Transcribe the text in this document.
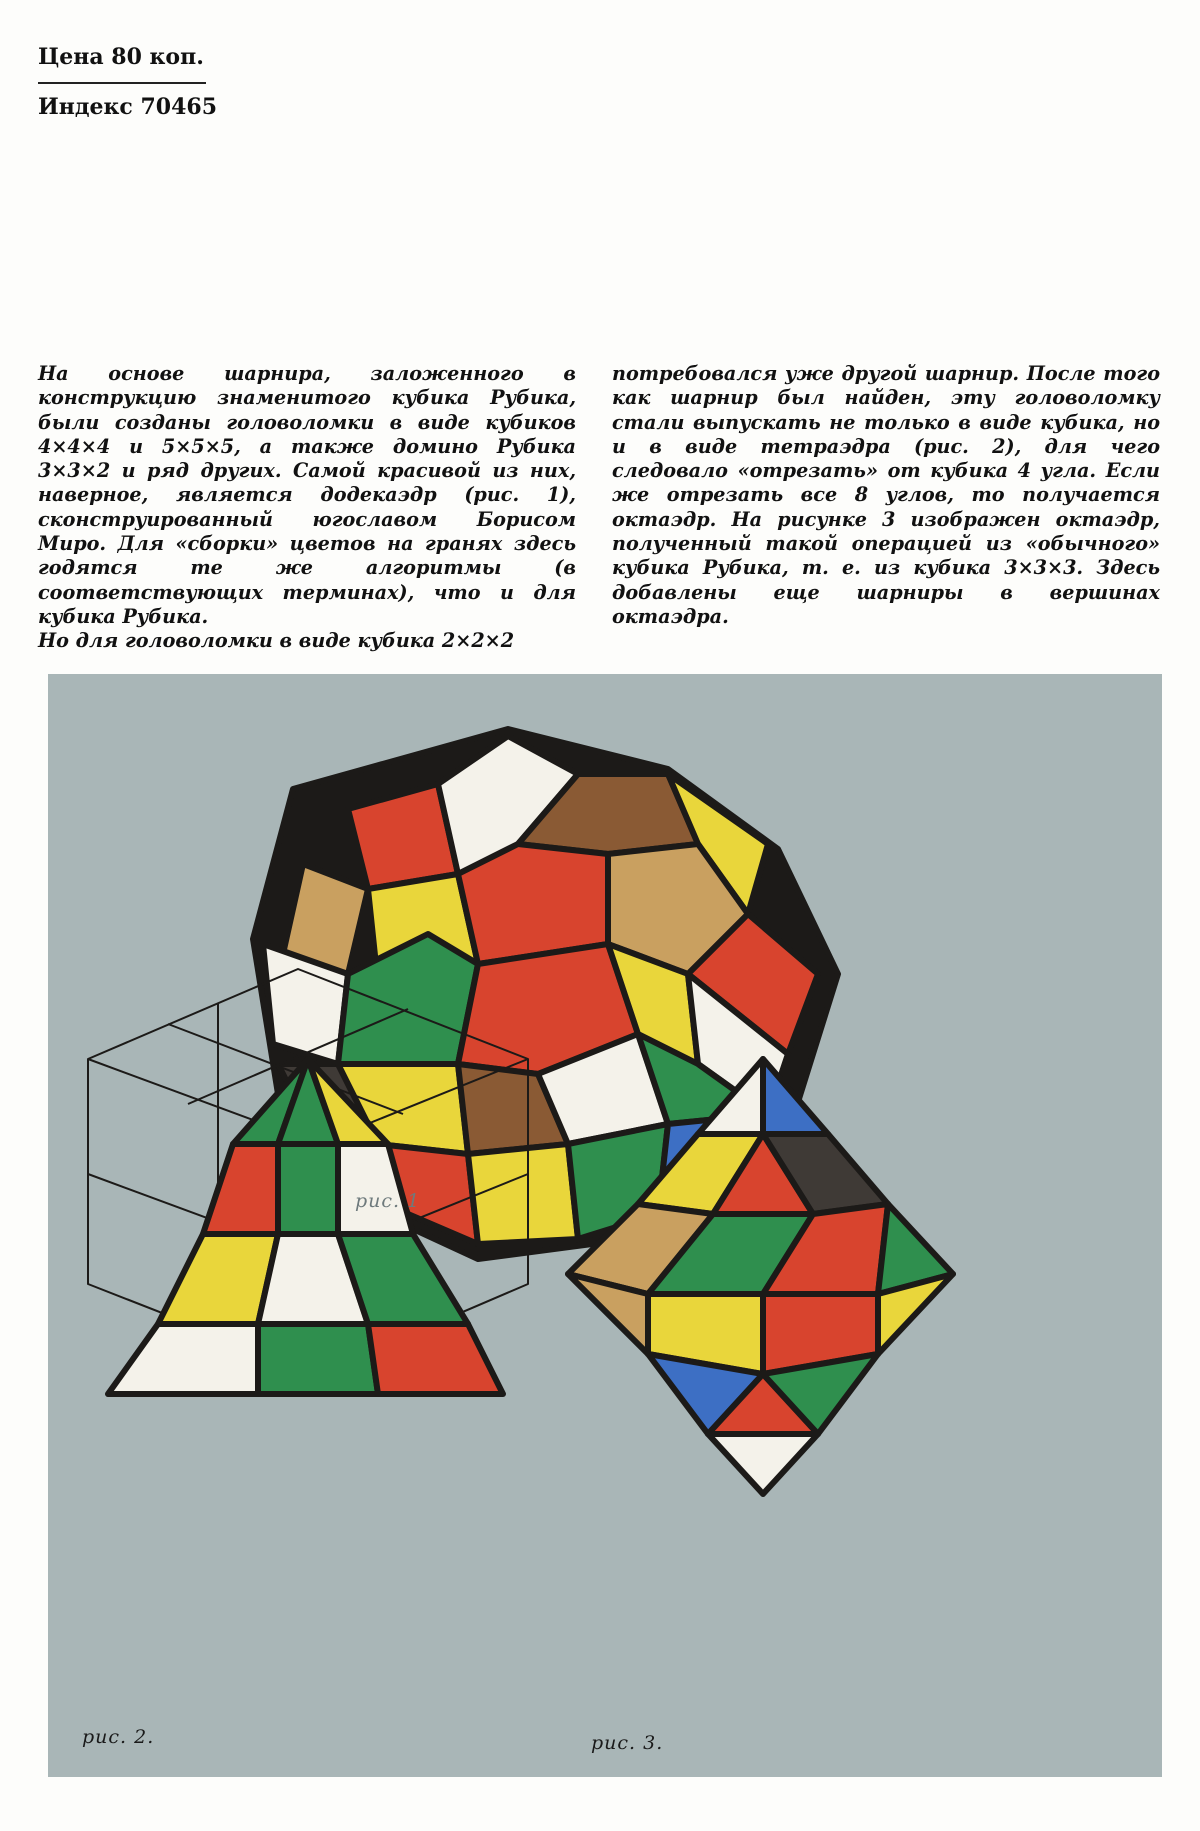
Цена 80 коп.
Индекс 70465

На основе шарнира, заложенного в конструкцию знаменитого кубика Рубика, были созданы головоломки в виде кубиков 4×4×4 и 5×5×5, а также домино Рубика 3×3×2 и ряд других. Самой красивой из них, наверное, является додекаэдр (рис. 1), сконструированный югославом Борисом Миро. Для «сборки» цветов на гранях здесь годятся те же алгоритмы (в соответствующих терминах), что и для кубика Рубика.

Но для головоломки в виде кубика 2×2×2

потребовался уже другой шарнир. После того как шарнир был найден, эту головоломку стали выпускать не только в виде кубика, но и в виде тетраэдра (рис. 2), для чего следовало «отрезать» от кубика 4 угла. Если же отрезать все 8 углов, то получается октаэдр. На рисунке 3 изображен октаэдр, полученный такой операцией из «обычного» кубика Рубика, т. е. из кубика 3×3×3. Здесь добавлены еще шарниры в вершинах октаэдра.

рис. 1
рис. 2.	рис. 3.
